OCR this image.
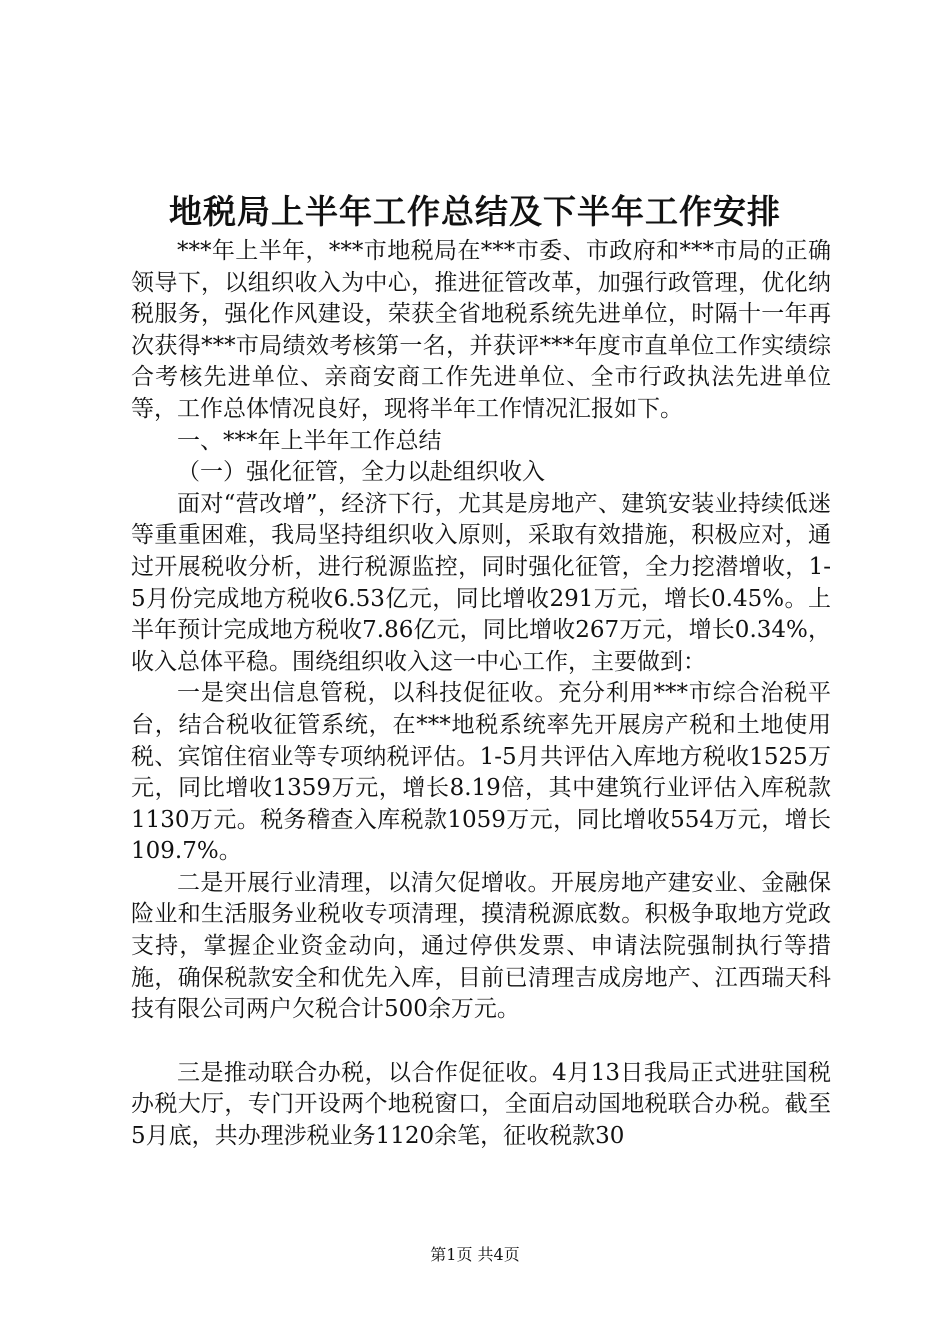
地税局上半年工作总结及下半年工作安排

***年上半年，***市地税局在***市委、市政府和***市局的正确领导下，以组织收入为中心，推进征管改革，加强行政管理，优化纳税服务，强化作风建设，荣获全省地税系统先进单位，时隔十一年再次获得***市局绩效考核第一名，并获评***年度市直单位工作实绩综合考核先进单位、亲商安商工作先进单位、全市行政执法先进单位等，工作总体情况良好，现将半年工作情况汇报如下。

一、***年上半年工作总结

（一）强化征管，全力以赴组织收入

面对“营改增”，经济下行，尤其是房地产、建筑安装业持续低迷等重重困难，我局坚持组织收入原则，采取有效措施，积极应对，通过开展税收分析，进行税源监控，同时强化征管，全力挖潜增收，1-5月份完成地方税收6.53亿元，同比增收291万元，增长0.45%。上半年预计完成地方税收7.86亿元，同比增收267万元，增长0.34%，收入总体平稳。围绕组织收入这一中心工作，主要做到：

一是突出信息管税，以科技促征收。充分利用***市综合治税平台，结合税收征管系统，在***地税系统率先开展房产税和土地使用税、宾馆住宿业等专项纳税评估。1-5月共评估入库地方税收1525万元，同比增收1359万元，增长8.19倍，其中建筑行业评估入库税款1130万元。税务稽查入库税款1059万元，同比增收554万元，增长109.7%。

二是开展行业清理，以清欠促增收。开展房地产建安业、金融保险业和生活服务业税收专项清理，摸清税源底数。积极争取地方党政支持，掌握企业资金动向，通过停供发票、申请法院强制执行等措施，确保税款安全和优先入库，目前已清理吉成房地产、江西瑞天科技有限公司两户欠税合计500余万元。

三是推动联合办税，以合作促征收。4月13日我局正式进驻国税办税大厅，专门开设两个地税窗口，全面启动国地税联合办税。截至5月底，共办理涉税业务1120余笔，征收税款30

第1页 共4页
